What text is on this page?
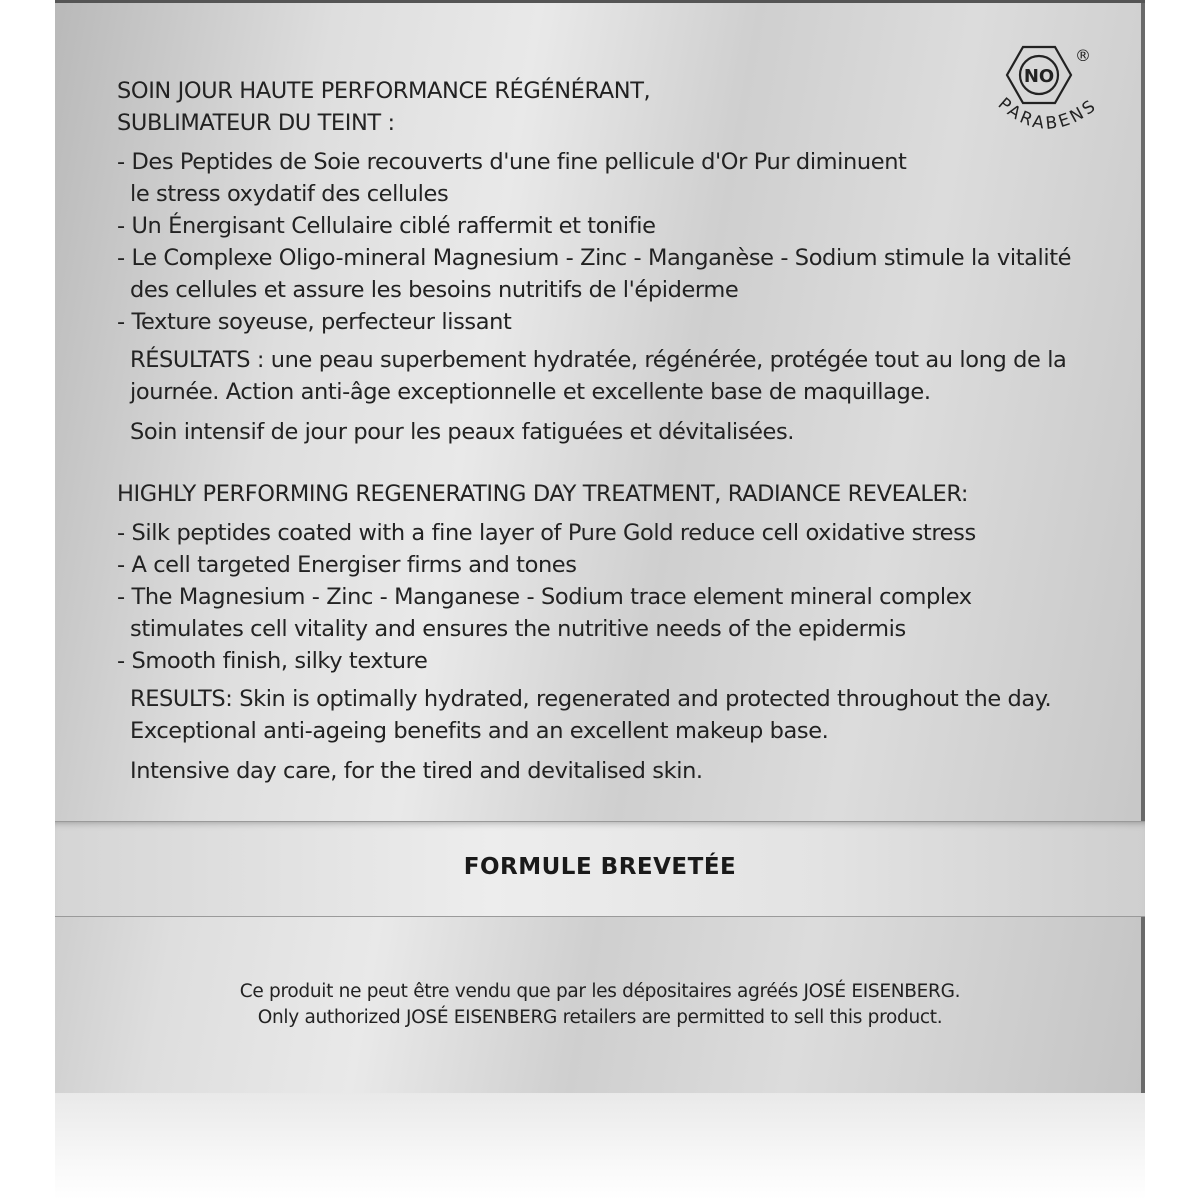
NO
®
PARABENS
SOIN JOUR HAUTE PERFORMANCE RÉGÉNÉRANT,
SUBLIMATEUR DU TEINT :
- Des Peptides de Soie recouverts d'une fine pellicule d'Or Pur diminuent
le stress oxydatif des cellules
- Un Énergisant Cellulaire ciblé raffermit et tonifie
- Le Complexe Oligo-mineral Magnesium - Zinc - Manganèse - Sodium stimule la vitalité
des cellules et assure les besoins nutritifs de l'épiderme
- Texture soyeuse, perfecteur lissant
RÉSULTATS : une peau superbement hydratée, régénérée, protégée tout au long de la
journée. Action anti-âge exceptionnelle et excellente base de maquillage.
Soin intensif de jour pour les peaux fatiguées et dévitalisées.
HIGHLY PERFORMING REGENERATING DAY TREATMENT, RADIANCE REVEALER:
- Silk peptides coated with a fine layer of Pure Gold reduce cell oxidative stress
- A cell targeted Energiser firms and tones
- The Magnesium - Zinc - Manganese - Sodium trace element mineral complex
stimulates cell vitality and ensures the nutritive needs of the epidermis
- Smooth finish, silky texture
RESULTS: Skin is optimally hydrated, regenerated and protected throughout the day.
Exceptional anti-ageing benefits and an excellent makeup base.
Intensive day care, for the tired and devitalised skin.
FORMULE BREVETÉE
Ce produit ne peut être vendu que par les dépositaires agréés JOSÉ EISENBERG.
Only authorized JOSÉ EISENBERG retailers are permitted to sell this product.
